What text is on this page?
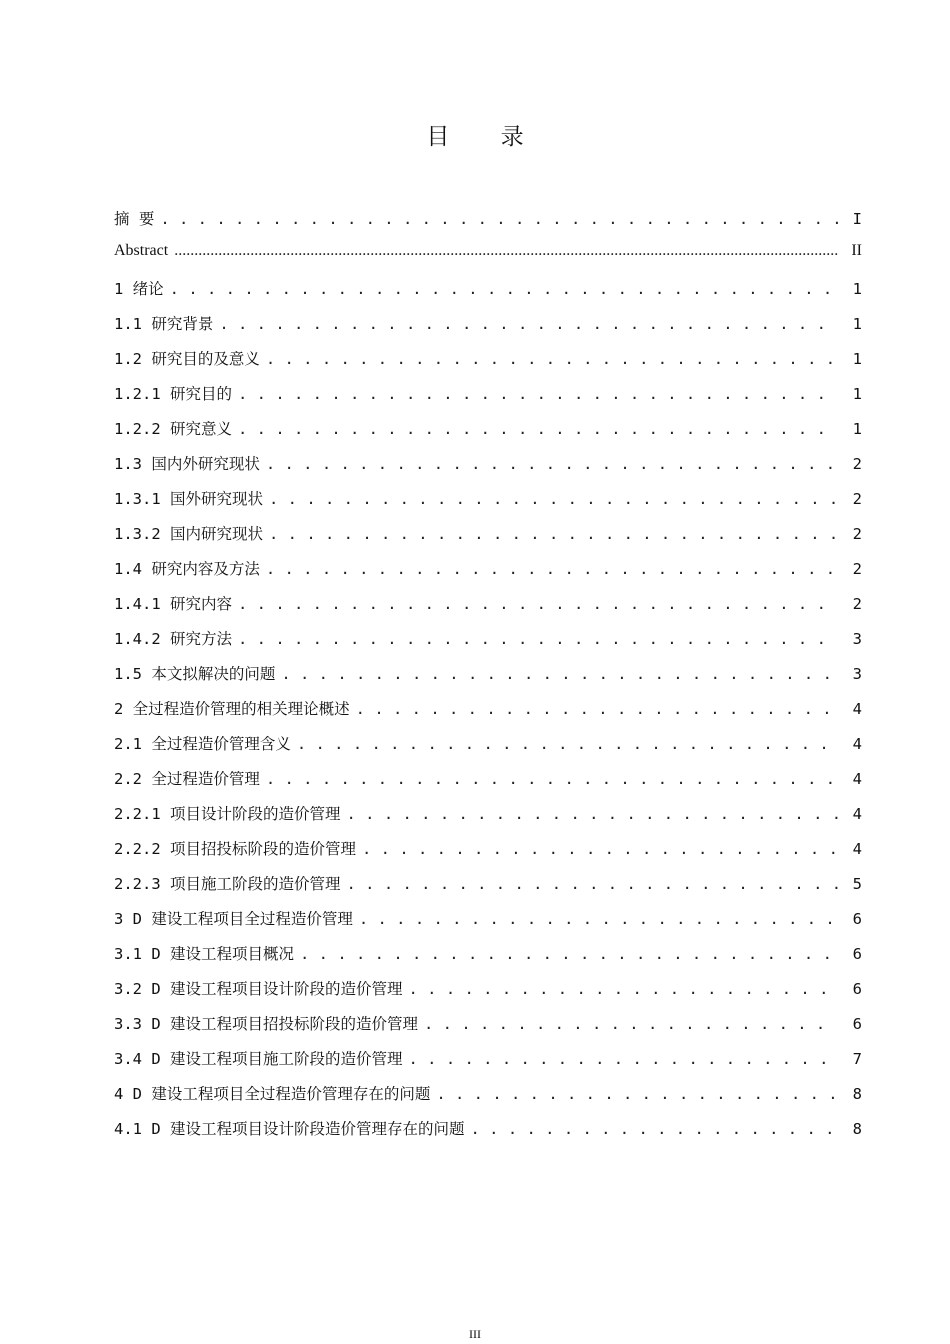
目 录
摘 要 . . .	I
Abstract .....	II
1 绪论 . . .	1
1.1 研究背景 . . .	1
1.2 研究目的及意义 . . .	1
1.2.1 研究目的 . . .	1
1.2.2 研究意义 . . .	1
1.3 国内外研究现状 . . .	2
1.3.1 国外研究现状 . . .	2
1.3.2 国内研究现状 . . .	2
1.4 研究内容及方法 . . .	2
1.4.1 研究内容 . . .	2
1.4.2 研究方法 . . .	3
1.5 本文拟解决的问题 . . .	3
2 全过程造价管理的相关理论概述 . . .	4
2.1 全过程造价管理含义 . . .	4
2.2 全过程造价管理 . . .	4
2.2.1 项目设计阶段的造价管理 . . .	4
2.2.2 项目招投标阶段的造价管理 . . .	4
2.2.3 项目施工阶段的造价管理 . . .	5
3 D 建设工程项目全过程造价管理 . . .	6
3.1 D 建设工程项目概况 . . .	6
3.2 D 建设工程项目设计阶段的造价管理 . . .	6
3.3 D 建设工程项目招投标阶段的造价管理 . . .	6
3.4 D 建设工程项目施工阶段的造价管理 . . .	7
4 D 建设工程项目全过程造价管理存在的问题 . . .	8
4.1 D 建设工程项目设计阶段造价管理存在的问题 . . .	8
III
